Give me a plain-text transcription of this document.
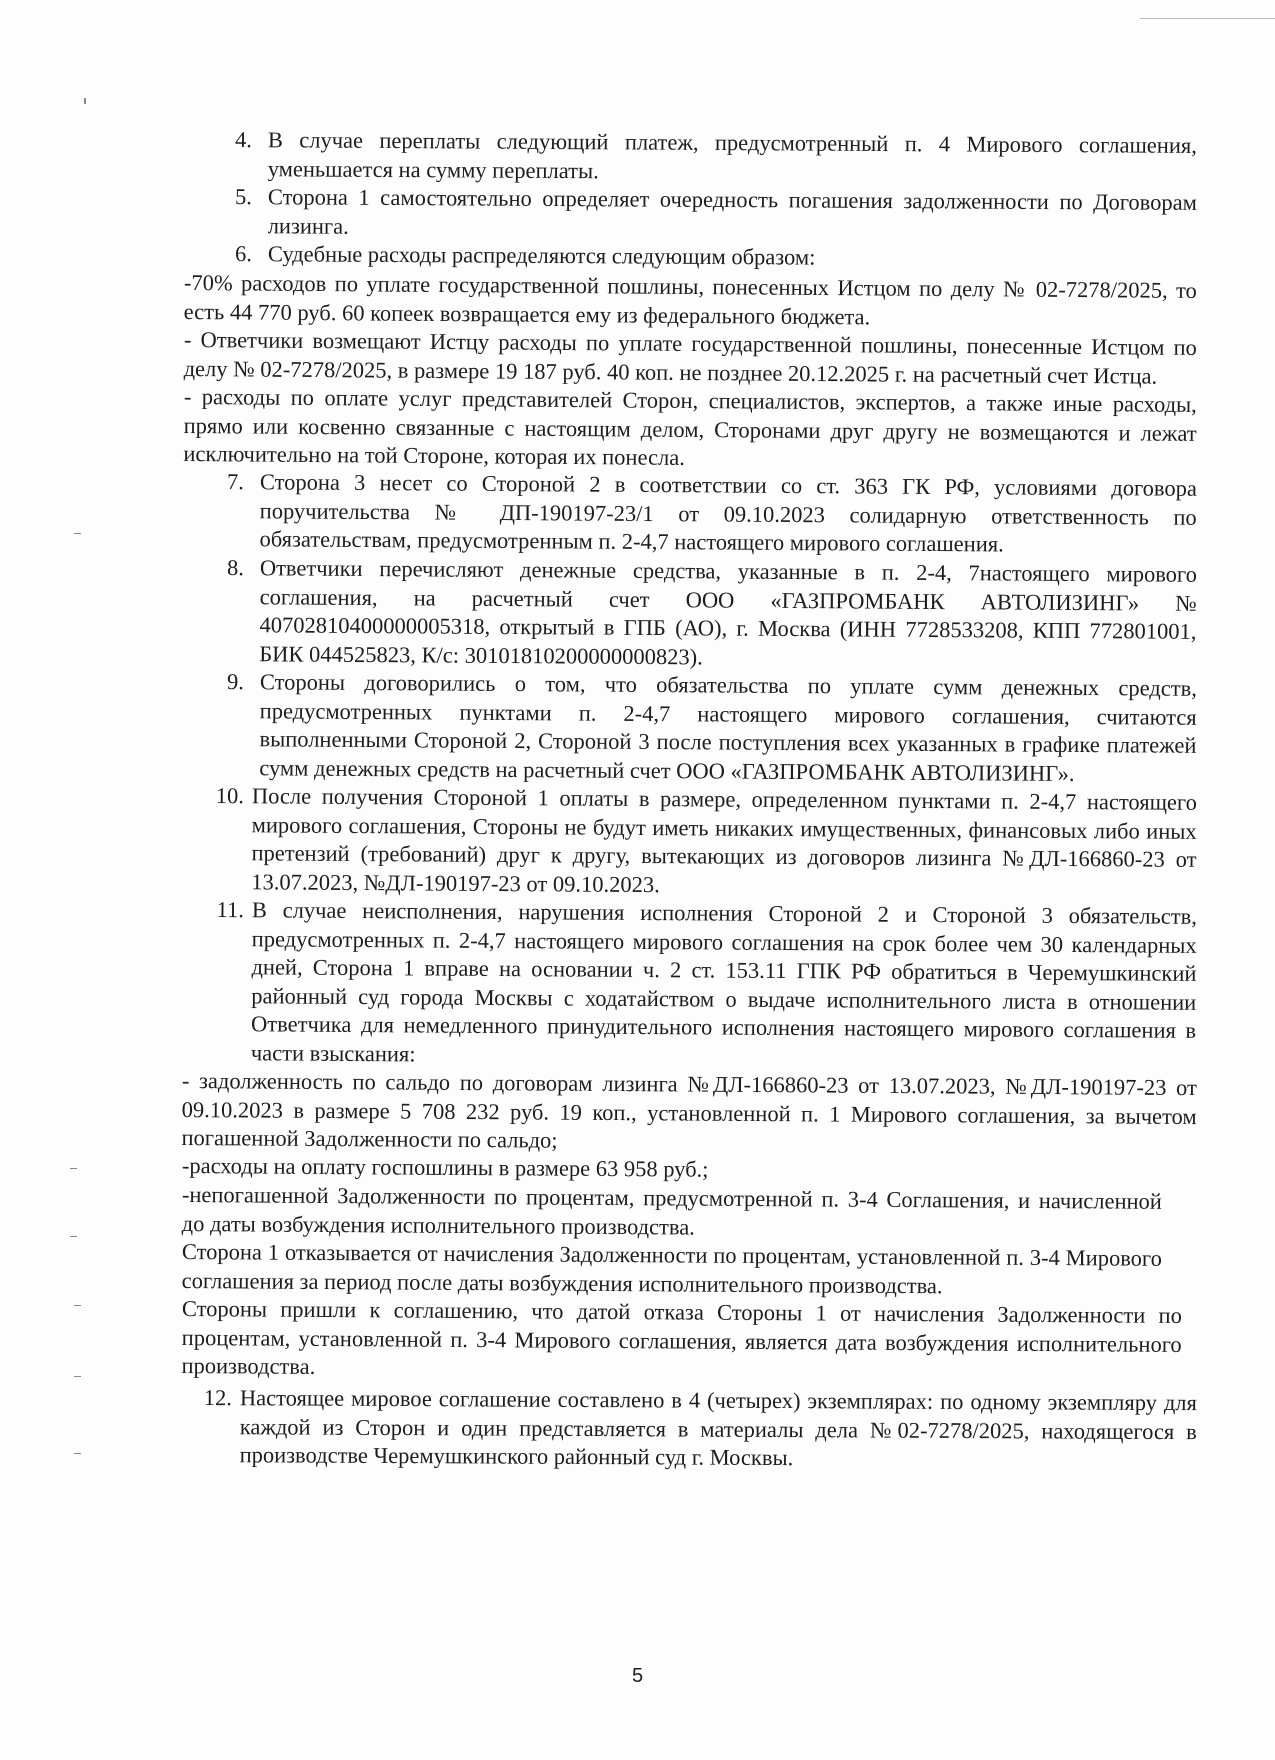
4. В случае переплаты следующий платеж, предусмотренный п. 4 Мирового соглашения, уменьшается на сумму переплаты.
5. Сторона 1 самостоятельно определяет очередность погашения задолженности по Договорам лизинга.
6. Судебные расходы распределяются следующим образом:

-70% расходов по уплате государственной пошлины, понесенных Истцом по делу № 02-7278/2025, то есть 44 770 руб. 60 копеек возвращается ему из федерального бюджета.

- Ответчики возмещают Истцу расходы по уплате государственной пошлины, понесенные Истцом по делу № 02-7278/2025, в размере 19 187 руб. 40 коп. не позднее 20.12.2025 г. на расчетный счет Истца.

- расходы по оплате услуг представителей Сторон, специалистов, экспертов, а также иные расходы, прямо или косвенно связанные с настоящим делом, Сторонами друг другу не возмещаются и лежат исключительно на той Стороне, которая их понесла.

7. Сторона 3 несет со Стороной 2 в соответствии со ст. 363 ГК РФ, условиями договора поручительства № ДП-190197-23/1 от 09.10.2023 солидарную ответственность по обязательствам, предусмотренным п. 2-4,7 настоящего мирового соглашения.
8. Ответчики перечисляют денежные средства, указанные в п. 2-4, 7настоящего мирового соглашения, на расчетный счет ООО «ГАЗПРОМБАНК АВТОЛИЗИНГ» № 40702810400000005318, открытый в ГПБ (АО), г. Москва (ИНН 7728533208, КПП 772801001, БИК 044525823, К/с: 30101810200000000823).
9. Стороны договорились о том, что обязательства по уплате сумм денежных средств, предусмотренных пунктами п. 2-4,7 настоящего мирового соглашения, считаются выполненными Стороной 2, Стороной 3 после поступления всех указанных в графике платежей сумм денежных средств на расчетный счет ООО «ГАЗПРОМБАНК АВТОЛИЗИНГ».
10. После получения Стороной 1 оплаты в размере, определенном пунктами п. 2-4,7 настоящего мирового соглашения, Стороны не будут иметь никаких имущественных, финансовых либо иных претензий (требований) друг к другу, вытекающих из договоров лизинга №ДЛ-166860-23 от 13.07.2023, №ДЛ-190197-23 от 09.10.2023.
11. В случае неисполнения, нарушения исполнения Стороной 2 и Стороной 3 обязательств, предусмотренных п. 2-4,7 настоящего мирового соглашения на срок более чем 30 календарных дней, Сторона 1 вправе на основании ч. 2 ст. 153.11 ГПК РФ обратиться в Черемушкинский районный суд города Москвы с ходатайством о выдаче исполнительного листа в отношении Ответчика для немедленного принудительного исполнения настоящего мирового соглашения в части взыскания:

- задолженность по сальдо по договорам лизинга №ДЛ-166860-23 от 13.07.2023, №ДЛ-190197-23 от 09.10.2023 в размере 5 708 232 руб. 19 коп., установленной п. 1 Мирового соглашения, за вычетом погашенной Задолженности по сальдо;

-расходы на оплату госпошлины в размере 63 958 руб.;

-непогашенной Задолженности по процентам, предусмотренной п. 3-4 Соглашения, и начисленной до даты возбуждения исполнительного производства.

Сторона 1 отказывается от начисления Задолженности по процентам, установленной п. 3-4 Мирового соглашения за период после даты возбуждения исполнительного производства.

Стороны пришли к соглашению, что датой отказа Стороны 1 от начисления Задолженности по процентам, установленной п. 3-4 Мирового соглашения, является дата возбуждения исполнительного производства.

12. Настоящее мировое соглашение составлено в 4 (четырех) экземплярах: по одному экземпляру для каждой из Сторон и один представляется в материалы дела №02-7278/2025, находящегося в производстве Черемушкинского районный суд г. Москвы.
5
